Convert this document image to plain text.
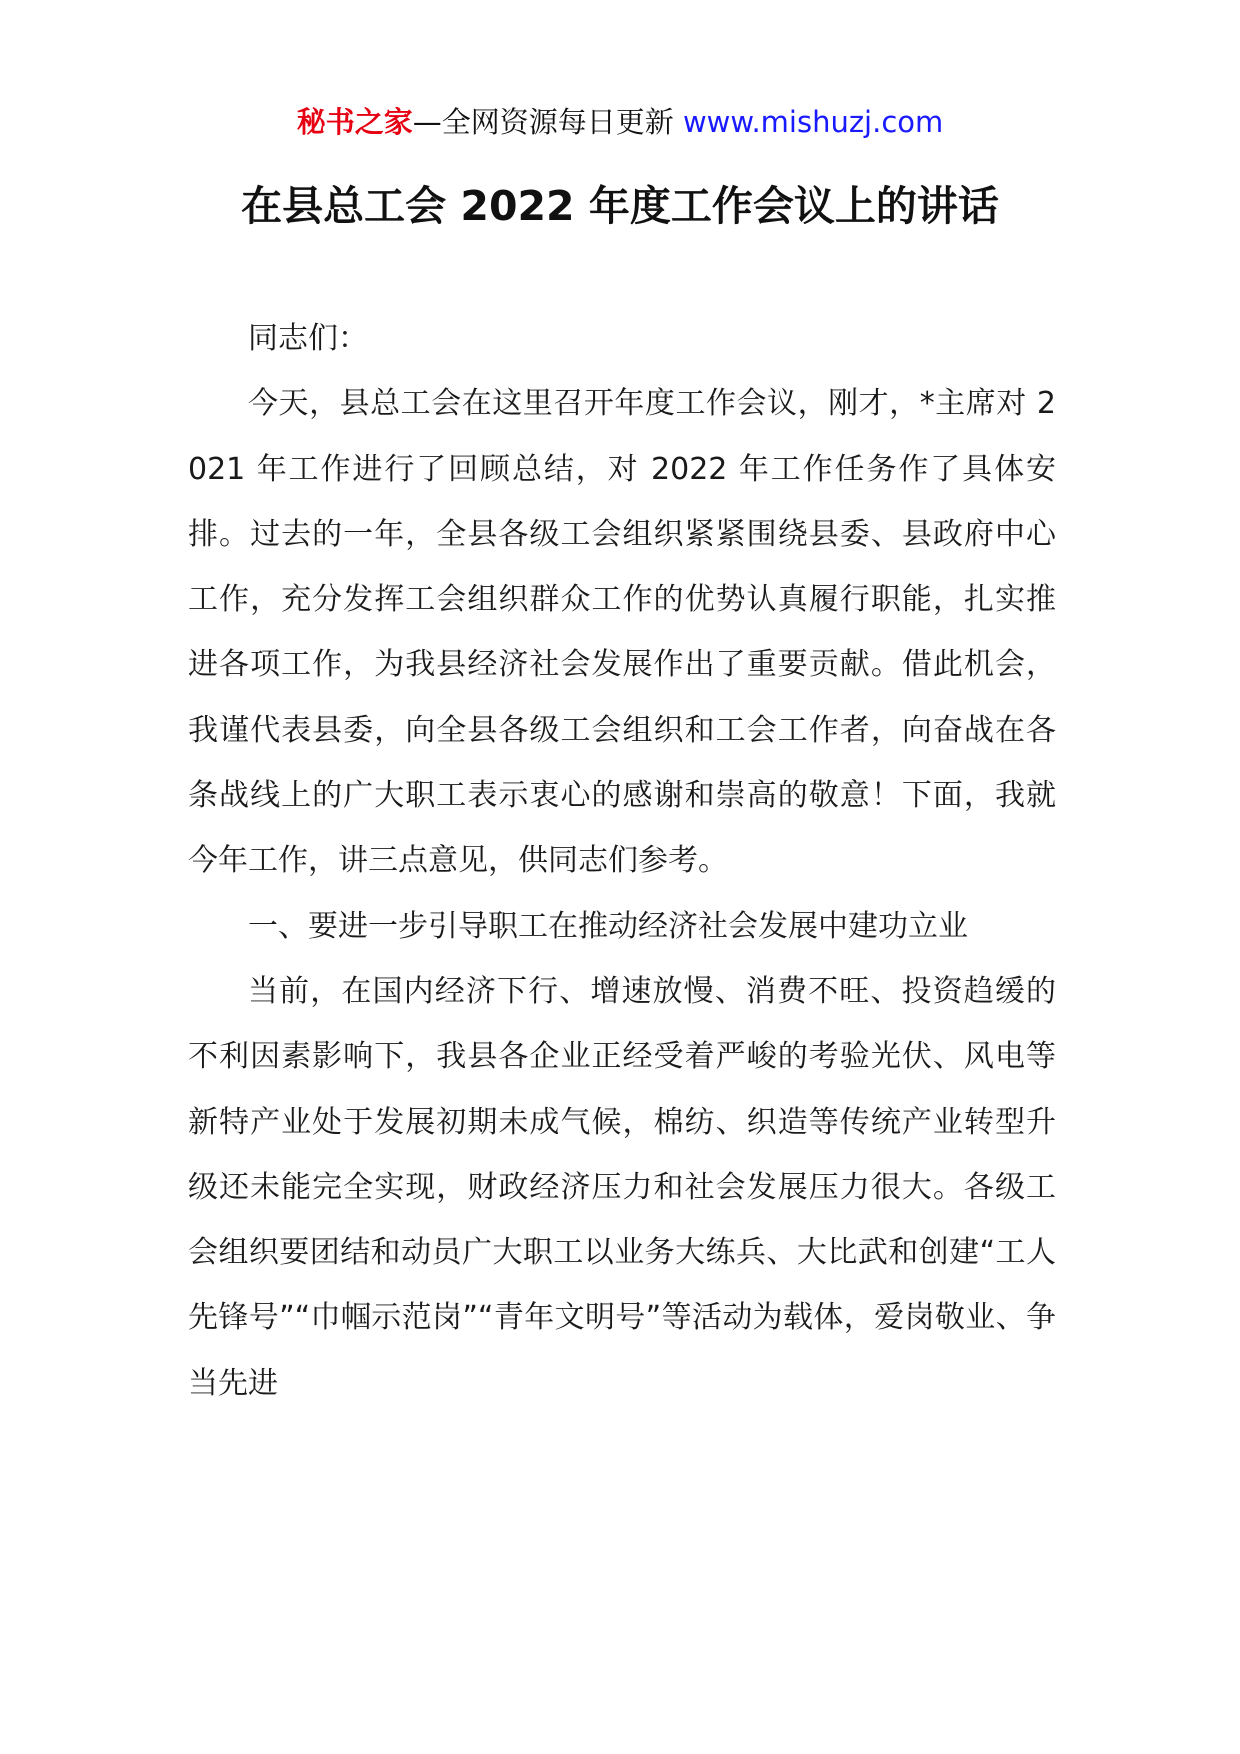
秘书之家—全网资源每日更新 www.mishuzj.com
在县总工会 2022 年度工作会议上的讲话

同志们：

今天，县总工会在这里召开年度工作会议，刚才，*主席对 2021 年工作进行了回顾总结，对 2022 年工作任务作了具体安排。过去的一年，全县各级工会组织紧紧围绕县委、县政府中心工作，充分发挥工会组织群众工作的优势认真履行职能，扎实推进各项工作，为我县经济社会发展作出了重要贡献。借此机会，我谨代表县委，向全县各级工会组织和工会工作者，向奋战在各条战线上的广大职工表示衷心的感谢和崇高的敬意！下面，我就今年工作，讲三点意见，供同志们参考。

一、要进一步引导职工在推动经济社会发展中建功立业

当前，在国内经济下行、增速放慢、消费不旺、投资趋缓的不利因素影响下，我县各企业正经受着严峻的考验光伏、风电等新特产业处于发展初期未成气候，棉纺、织造等传统产业转型升级还未能完全实现，财政经济压力和社会发展压力很大。各级工会组织要团结和动员广大职工以业务大练兵、大比武和创建“工人先锋号”“巾帼示范岗”“青年文明号”等活动为载体，爱岗敬业、争当先进
